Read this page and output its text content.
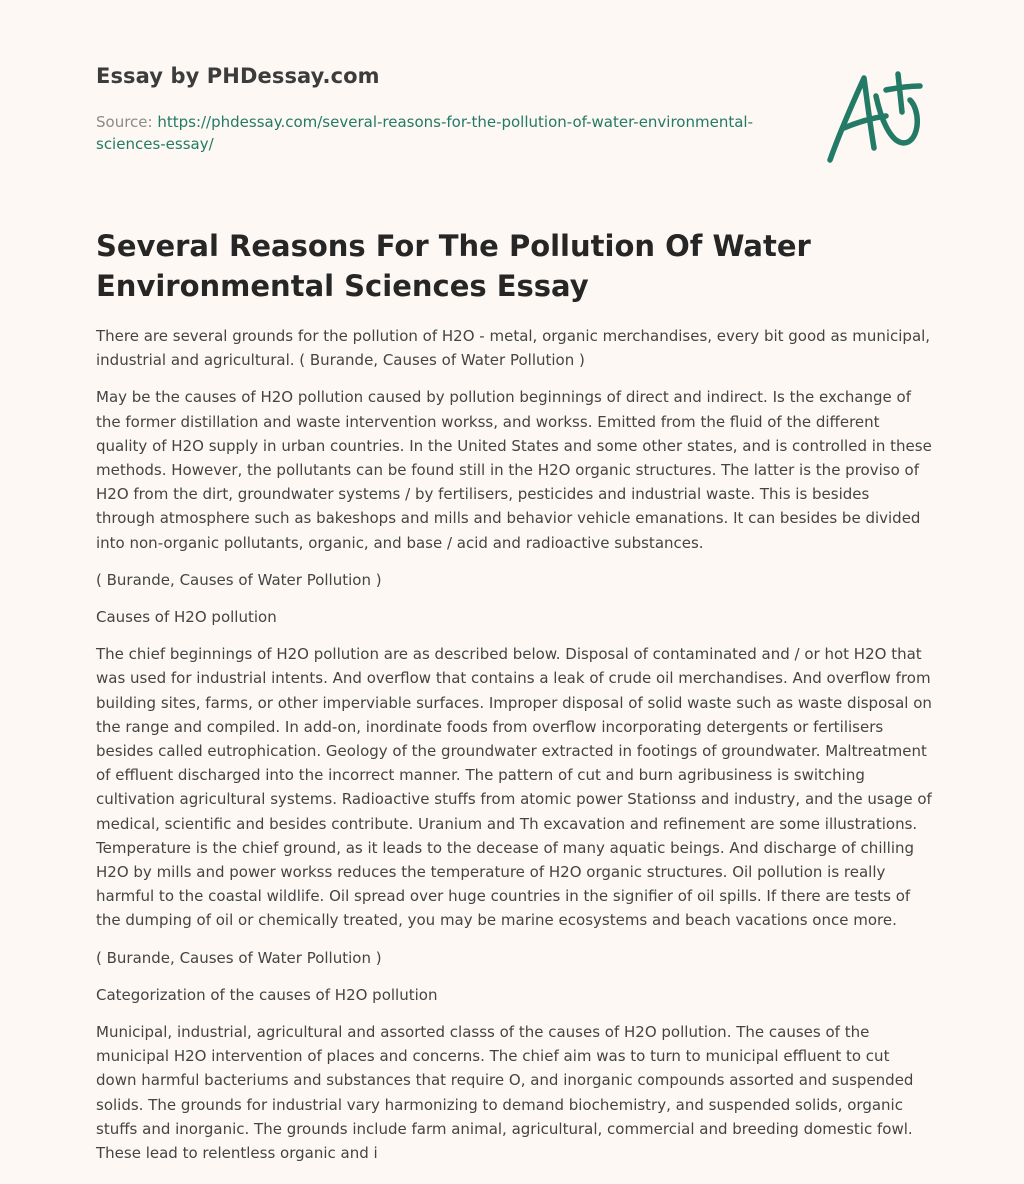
Essay by PHDessay.com

Source: https://phdessay.com/several-reasons-for-the-pollution-of-water-environmental-sciences-essay/

Several Reasons For The Pollution Of Water Environmental Sciences Essay

There are several grounds for the pollution of H2O - metal, organic merchandises, every bit good as municipal, industrial and agricultural. ( Burande, Causes of Water Pollution )

May be the causes of H2O pollution caused by pollution beginnings of direct and indirect. Is the exchange of the former distillation and waste intervention workss, and workss. Emitted from the fluid of the different quality of H2O supply in urban countries. In the United States and some other states, and is controlled in these methods. However, the pollutants can be found still in the H2O organic structures. The latter is the proviso of H2O from the dirt, groundwater systems / by fertilisers, pesticides and industrial waste. This is besides through atmosphere such as bakeshops and mills and behavior vehicle emanations. It can besides be divided into non-organic pollutants, organic, and base / acid and radioactive substances.

( Burande, Causes of Water Pollution )

Causes of H2O pollution

The chief beginnings of H2O pollution are as described below. Disposal of contaminated and / or hot H2O that was used for industrial intents. And overflow that contains a leak of crude oil merchandises. And overflow from building sites, farms, or other imperviable surfaces. Improper disposal of solid waste such as waste disposal on the range and compiled. In add-on, inordinate foods from overflow incorporating detergents or fertilisers besides called eutrophication. Geology of the groundwater extracted in footings of groundwater. Maltreatment of effluent discharged into the incorrect manner. The pattern of cut and burn agribusiness is switching cultivation agricultural systems. Radioactive stuffs from atomic power Stationss and industry, and the usage of medical, scientific and besides contribute. Uranium and Th excavation and refinement are some illustrations. Temperature is the chief ground, as it leads to the decease of many aquatic beings. And discharge of chilling H2O by mills and power workss reduces the temperature of H2O organic structures. Oil pollution is really harmful to the coastal wildlife. Oil spread over huge countries in the signifier of oil spills. If there are tests of the dumping of oil or chemically treated, you may be marine ecosystems and beach vacations once more.

( Burande, Causes of Water Pollution )

Categorization of the causes of H2O pollution

Municipal, industrial, agricultural and assorted classs of the causes of H2O pollution. The causes of the municipal H2O intervention of places and concerns. The chief aim was to turn to municipal effluent to cut down harmful bacteriums and substances that require O, and inorganic compounds assorted and suspended solids. The grounds for industrial vary harmonizing to demand biochemistry, and suspended solids, organic stuffs and inorganic. The grounds include farm animal, agricultural, commercial and breeding domestic fowl. These lead to relentless organic and i
